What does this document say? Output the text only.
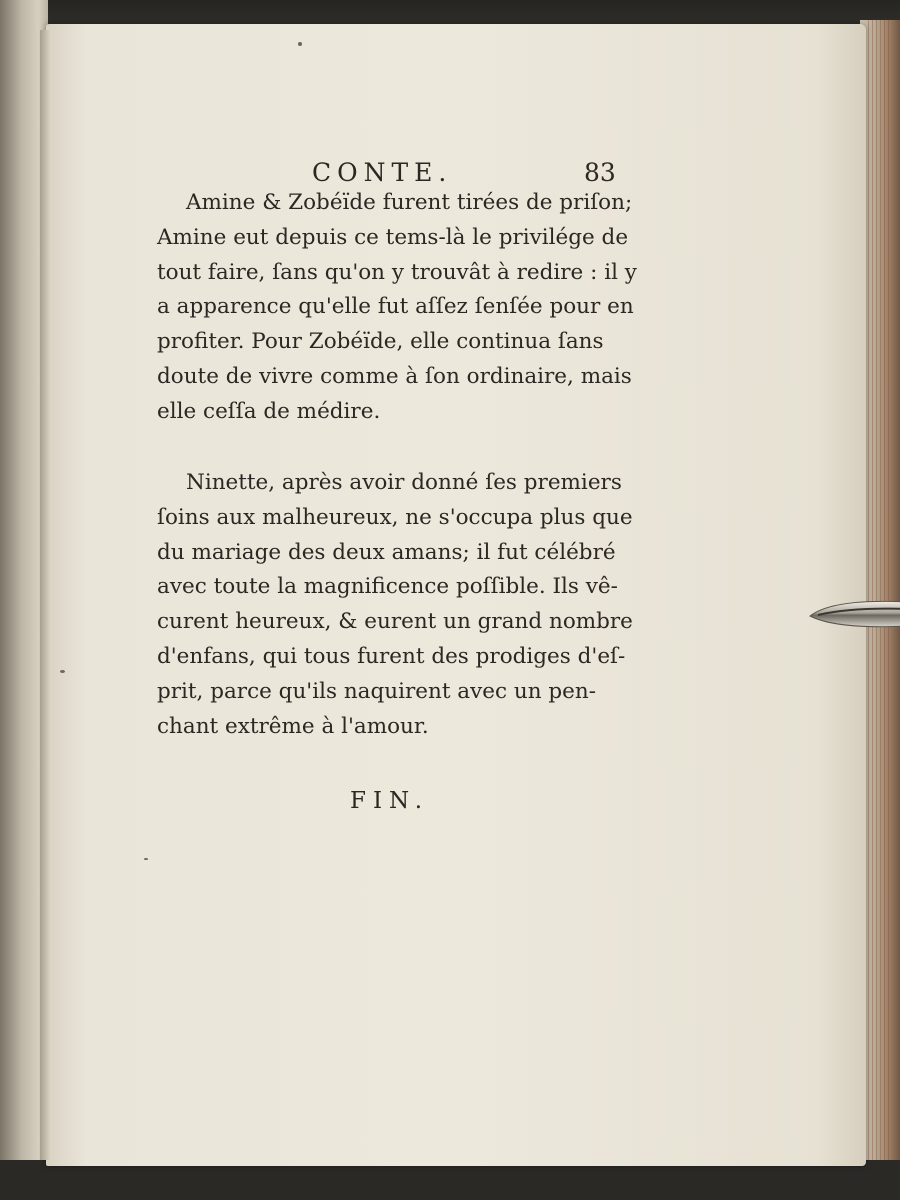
CONTE.	83

Amine & Zobéïde furent tirées de priſon;
Amine eut depuis ce tems-là le privilége de
tout faire, ſans qu'on y trouvât à redire : il y
a apparence qu'elle fut aſſez ſenſée pour en
profiter. Pour Zobéïde, elle continua ſans
doute de vivre comme à ſon ordinaire, mais
elle ceſſa de médire.

Ninette, après avoir donné ſes premiers
ſoins aux malheureux, ne s'occupa plus que
du mariage des deux amans; il fut célébré
avec toute la magnificence poſſible. Ils vê-
curent heureux, & eurent un grand nombre
d'enfans, qui tous furent des prodiges d'eſ-
prit, parce qu'ils naquirent avec un pen-
chant extrême à l'amour.

FIN.
